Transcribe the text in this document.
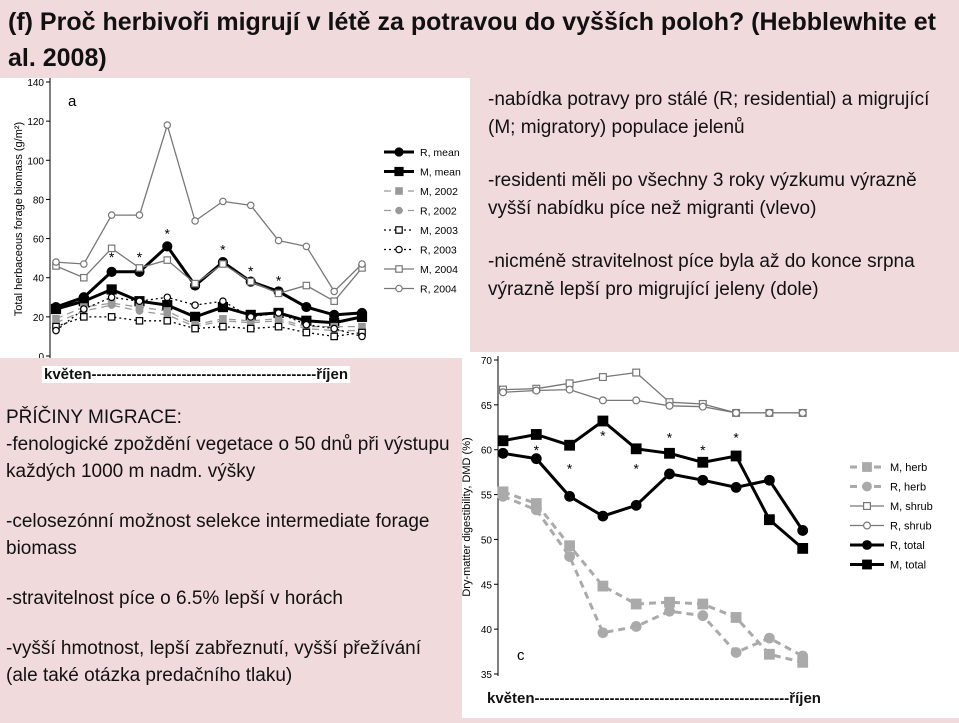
(f) Proč herbivoři migrují v létě za potravou do vyšších poloh? (Hebblewhite et al. 2008)
0
20
40
60
80
100
120
140
Total herbaceous forage biomass (g/m²)
a
* *
*
*
*
*
R, mean
M, mean
M, 2002
R, 2002
M, 2003
R, 2003
M, 2004
R, 2004

-nabídka potravy pro stálé (R; residential) a migrující (M; migratory) populace jelenů

-residenti měli po všechny 3 roky výzkumu výrazně vyšší nabídku píce než migranti (vlevo)

-nicméně stravitelnost píce byla až do konce srpna výrazně lepší pro migrující jeleny (dole)

květen---------------------------------------------říjen

PŘÍČINY MIGRACE:

-fenologické zpoždění vegetace o 50 dnů při výstupu každých 1000 m nadm. výšky

-celosezónní možnost selekce intermediate forage biomass

-stravitelnost píce o 6.5% lepší v horách

-vyšší hmotnost, lepší zabřeznutí, vyšší přežívání (ale také otázka predačního tlaku)	35
40
45
50
55
60
65
70
Dry-matter digestibility, DMD (%)
c
*
*
*
*
*
*
*
M, herb
R, herb
M, shrub
R, shrub
R, total
M, total
květen---------------------------------------------------říjen
